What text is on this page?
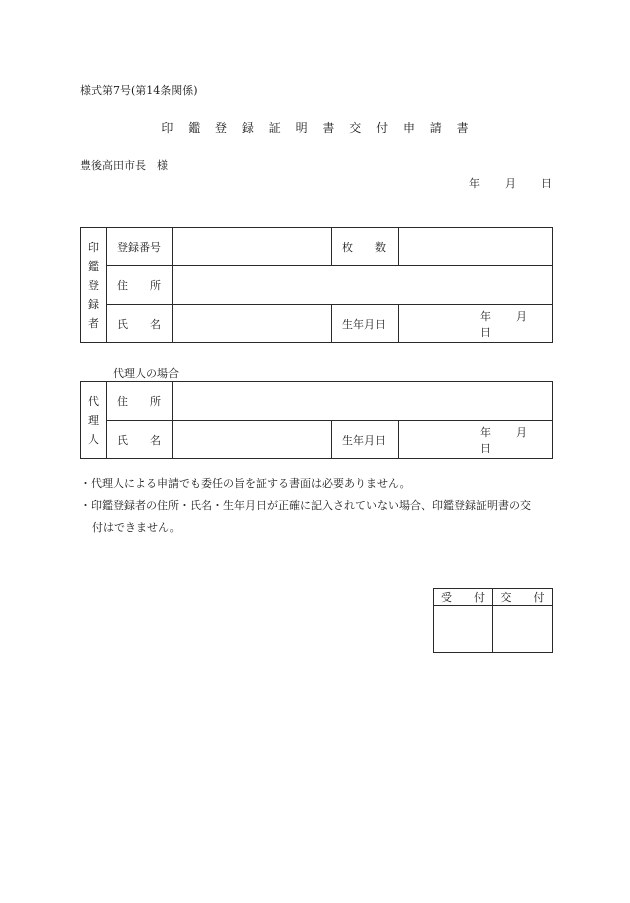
様式第7号(第14条関係)
印 鑑 登 録 証 明 書 交 付 申 請 書
豊後高田市長　様
年 月 日
印
鑑
登
録
者	登録番号		枚　　数	
	住　　所			
	氏　　名		生年月日	年 月日
代理人の場合
代
理
人	住　　所			
	氏　　名		生年月日	年 月日
・代理人による申請でも委任の旨を証する書面は必要ありません。
・印鑑登録者の住所・氏名・生年月日が正確に記入されていない場合、印鑑登録証明書の交
付はできません。
受　　付	交　　付
